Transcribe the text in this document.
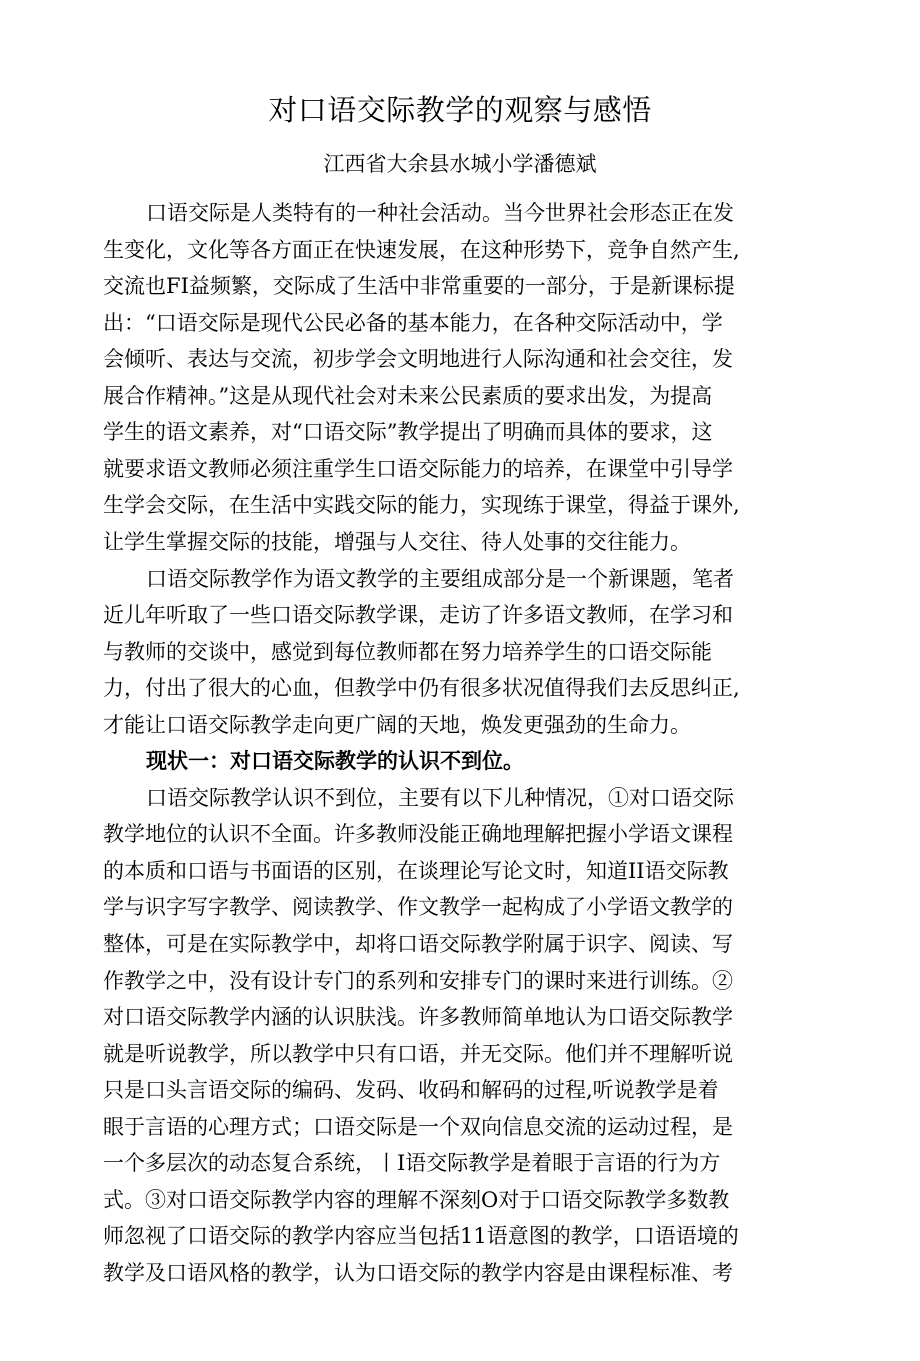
对口语交际教学的观察与感悟
江西省大余县水城小学潘德斌
口语交际是人类特有的一种社会活动。当今世界社会形态正在发
生变化，文化等各方面正在快速发展，在这种形势下，竞争自然产生,
交流也FI益频繁，交际成了生活中非常重要的一部分，于是新课标提
出：“口语交际是现代公民必备的基本能力，在各种交际活动中，学
会倾听、表达与交流，初步学会文明地进行人际沟通和社会交往，发
展合作精神。”这是从现代社会对未来公民素质的要求出发，为提高
学生的语文素养，对“口语交际”教学提出了明确而具体的要求，这
就要求语文教师必须注重学生口语交际能力的培养，在课堂中引导学
生学会交际，在生活中实践交际的能力，实现练于课堂，得益于课外,
让学生掌握交际的技能，增强与人交往、待人处事的交往能力。
口语交际教学作为语文教学的主要组成部分是一个新课题，笔者
近儿年听取了一些口语交际教学课，走访了许多语文教师，在学习和
与教师的交谈中，感觉到每位教师都在努力培养学生的口语交际能
力，付出了很大的心血，但教学中仍有很多状况值得我们去反思纠正,
才能让口语交际教学走向更广阔的天地，焕发更强劲的生命力。
现状一：对口语交际教学的认识不到位。
口语交际教学认识不到位，主要有以下儿种情况，①对口语交际
教学地位的认识不全面。许多教师没能正确地理解把握小学语文课程
的本质和口语与书面语的区别，在谈理论写论文时，知道II语交际教
学与识字写字教学、阅读教学、作文教学一起构成了小学语文教学的
整体，可是在实际教学中，却将口语交际教学附属于识字、阅读、写
作教学之中，没有设计专门的系列和安排专门的课时来进行训练。②
对口语交际教学内涵的认识肤浅。许多教师简单地认为口语交际教学
就是听说教学，所以教学中只有口语，并无交际。他们并不理解听说
只是口头言语交际的编码、发码、收码和解码的过程,听说教学是着
眼于言语的心理方式；口语交际是一个双向信息交流的运动过程，是
一个多层次的动态复合系统，丨I语交际教学是着眼于言语的行为方
式。③对口语交际教学内容的理解不深刻O对于口语交际教学多数教
师忽视了口语交际的教学内容应当包括11语意图的教学，口语语境的
教学及口语风格的教学，认为口语交际的教学内容是由课程标准、考
